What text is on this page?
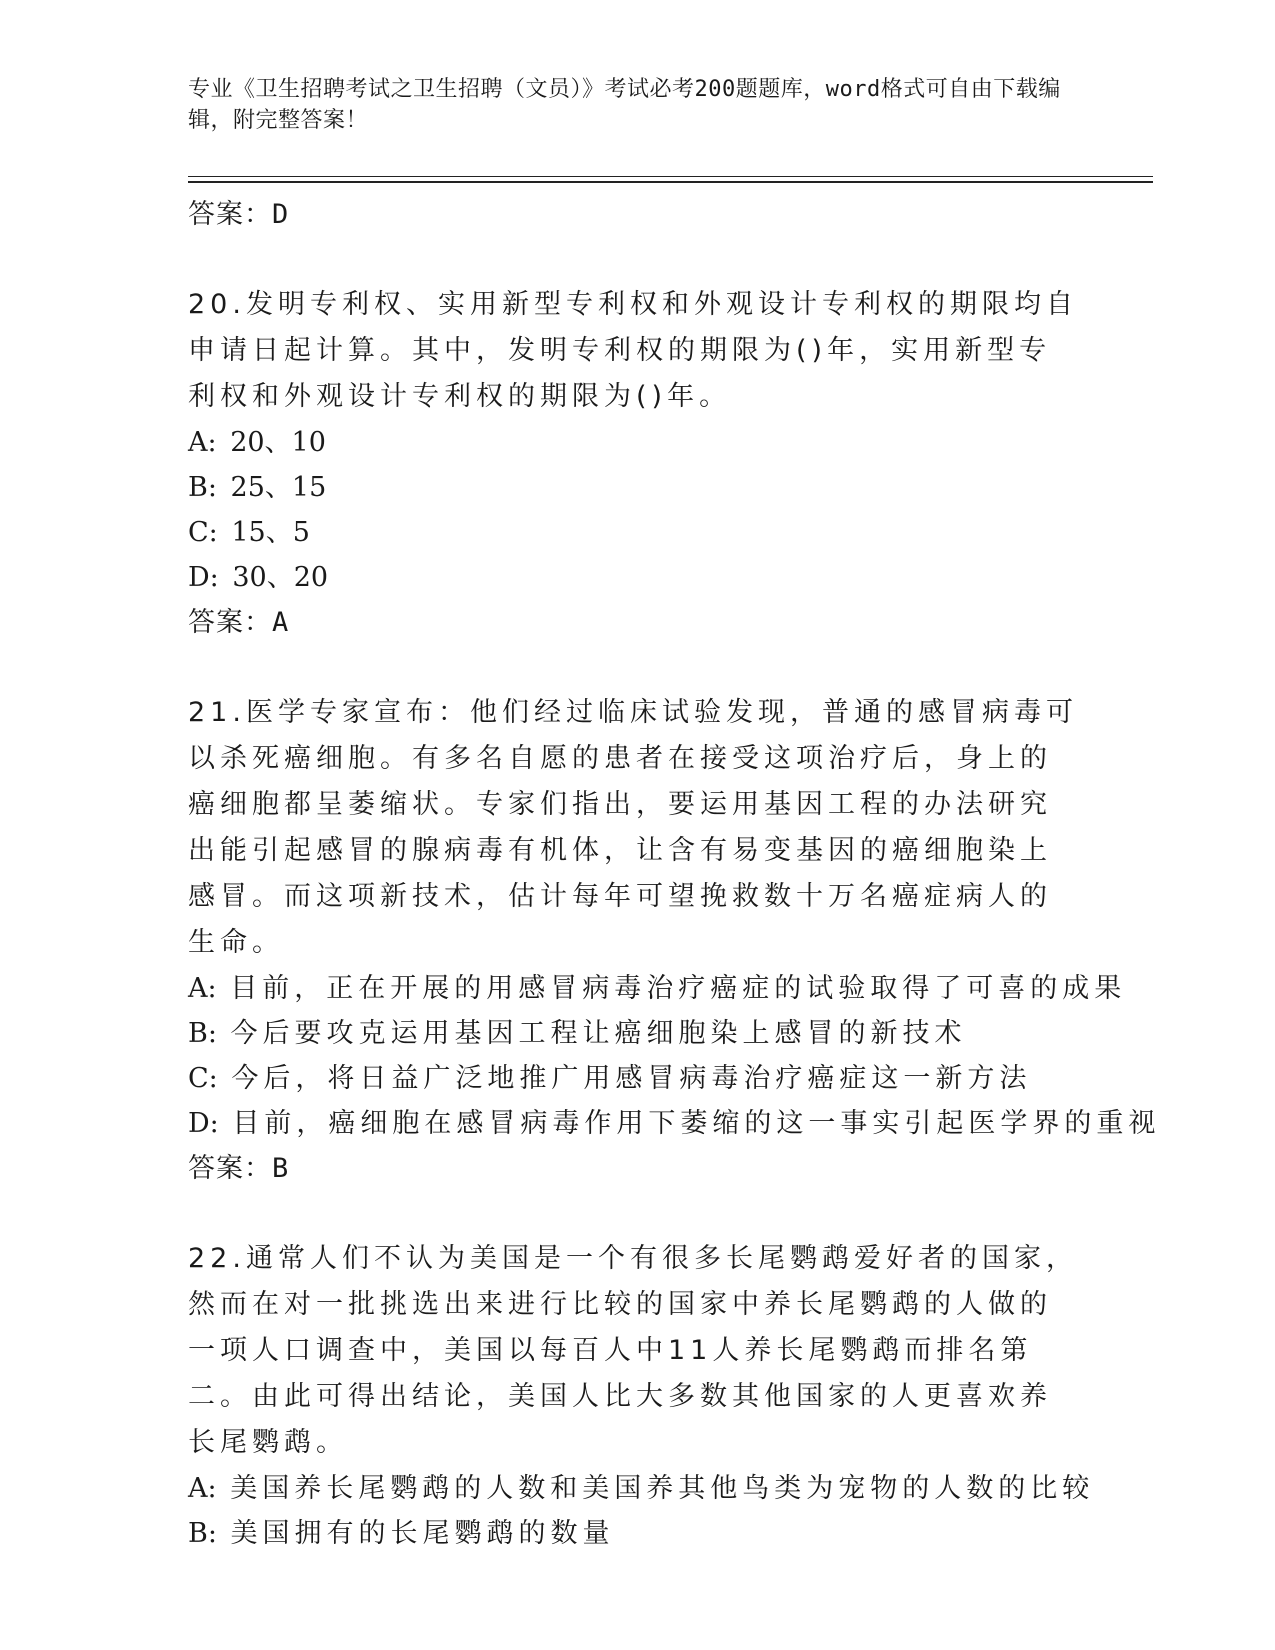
专业《卫生招聘考试之卫生招聘（文员）》考试必考200题题库，word格式可自由下载编辑，附完整答案！
答案：D
20.发明专利权、实用新型专利权和外观设计专利权的期限均自申请日起计算。其中，发明专利权的期限为()年，实用新型专利权和外观设计专利权的期限为()年。
A: 20、10
B: 25、15
C: 15、5
D: 30、20
答案：A
21.医学专家宣布：他们经过临床试验发现，普通的感冒病毒可以杀死癌细胞。有多名自愿的患者在接受这项治疗后，身上的癌细胞都呈萎缩状。专家们指出，要运用基因工程的办法研究出能引起感冒的腺病毒有机体，让含有易变基因的癌细胞染上感冒。而这项新技术，估计每年可望挽救数十万名癌症病人的生命。
A: 目前，正在开展的用感冒病毒治疗癌症的试验取得了可喜的成果
B: 今后要攻克运用基因工程让癌细胞染上感冒的新技术
C: 今后，将日益广泛地推广用感冒病毒治疗癌症这一新方法
D: 目前，癌细胞在感冒病毒作用下萎缩的这一事实引起医学界的重视
答案：B
22.通常人们不认为美国是一个有很多长尾鹦鹉爱好者的国家，然而在对一批挑选出来进行比较的国家中养长尾鹦鹉的人做的一项人口调查中，美国以每百人中11人养长尾鹦鹉而排名第二。由此可得出结论，美国人比大多数其他国家的人更喜欢养长尾鹦鹉。
A: 美国养长尾鹦鹉的人数和美国养其他鸟类为宠物的人数的比较
B: 美国拥有的长尾鹦鹉的数量
